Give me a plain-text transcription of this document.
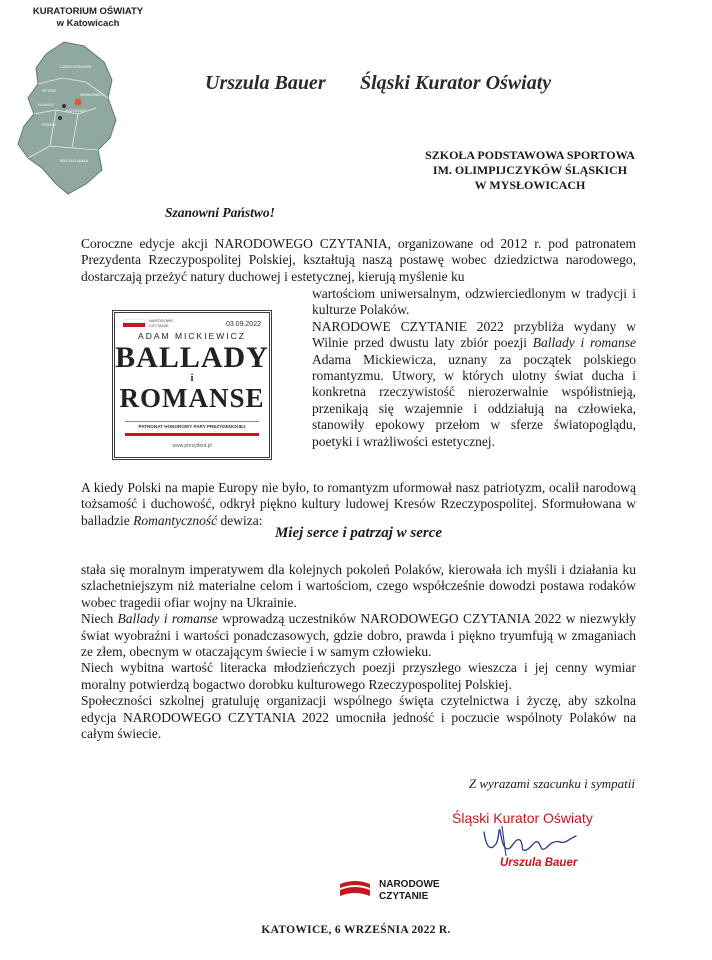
KURATORIUM OŚWIATY
w Katowicach
CZĘSTOCHOWA
BYTOM
SOSNOWIEC
GLIWICE
KATOWICE
RYBNIK
BIELSKO-BIAŁA
Urszula Bauer Śląski Kurator Oświaty
SZKOŁA PODSTAWOWA SPORTOWA
IM. OLIMPIJCZYKÓW ŚLĄSKICH
W MYSŁOWICACH
Szanowni Państwo!
Coroczne edycje akcji NARODOWEGO CZYTANIA, organizowane od 2012 r. pod patronatem Prezydenta Rzeczypospolitej Polskiej, kształtują naszą postawę wobec dziedzictwa narodowego, dostarczają przeżyć natury duchowej i estetycznej, kierują myślenie ku
wartościom uniwersalnym, odzwierciedlonym w tradycji i kulturze Polaków.
NARODOWE CZYTANIE 2022 przybliża wydany w Wilnie przed dwustu laty zbiór poezji Ballady i romanse Adama Mickiewicza, uznany za początek polskiego romantyzmu. Utwory, w których ulotny świat ducha i konkretna rzeczywistość nierozerwalnie współistnieją, przenikają się wzajemnie i oddziałują na człowieka, stanowiły epokowy przełom w sferze światopoglądu, poetyki i wrażliwości estetycznej.
NARODOWE CZYTANIE	03.09.2022
ADAM MICKIEWICZ
BALLADY
i
ROMANSE
PATRONAT HONOROWY PARY PREZYDENCKIEJ
www.prezydent.pl
A kiedy Polski na mapie Europy nie było, to romantyzm uformował nasz patriotyzm, ocalił narodową tożsamość i duchowość, odkrył piękno kultury ludowej Kresów Rzeczypospolitej. Sformułowana w balladzie Romantyczność dewiza:
Miej serce i patrzaj w serce
stała się moralnym imperatywem dla kolejnych pokoleń Polaków, kierowała ich myśli i działania ku szlachetniejszym niż materialne celom i wartościom, czego współcześnie dowodzi postawa rodaków wobec tragedii ofiar wojny na Ukrainie.
Niech Ballady i romanse wprowadzą uczestników NARODOWEGO CZYTANIA 2022 w niezwykły świat wyobraźni i wartości ponadczasowych, gdzie dobro, prawda i piękno tryumfują w zmaganiach ze złem, obecnym w otaczającym świecie i w samym człowieku.
Niech wybitna wartość literacka młodzieńczych poezji przyszłego wieszcza i jej cenny wymiar moralny potwierdzą bogactwo dorobku kulturowego Rzeczypospolitej Polskiej.
Społeczności szkolnej gratuluję organizacji wspólnego święta czytelnictwa i życzę, aby szkolna edycja NARODOWEGO CZYTANIA 2022 umocniła jedność i poczucie wspólnoty Polaków na całym świecie.
Z wyrazami szacunku i sympatii
Śląski Kurator Oświaty
Urszula Bauer
NARODOWE
CZYTANIE
KATOWICE, 6 WRZEŚNIA 2022 R.
